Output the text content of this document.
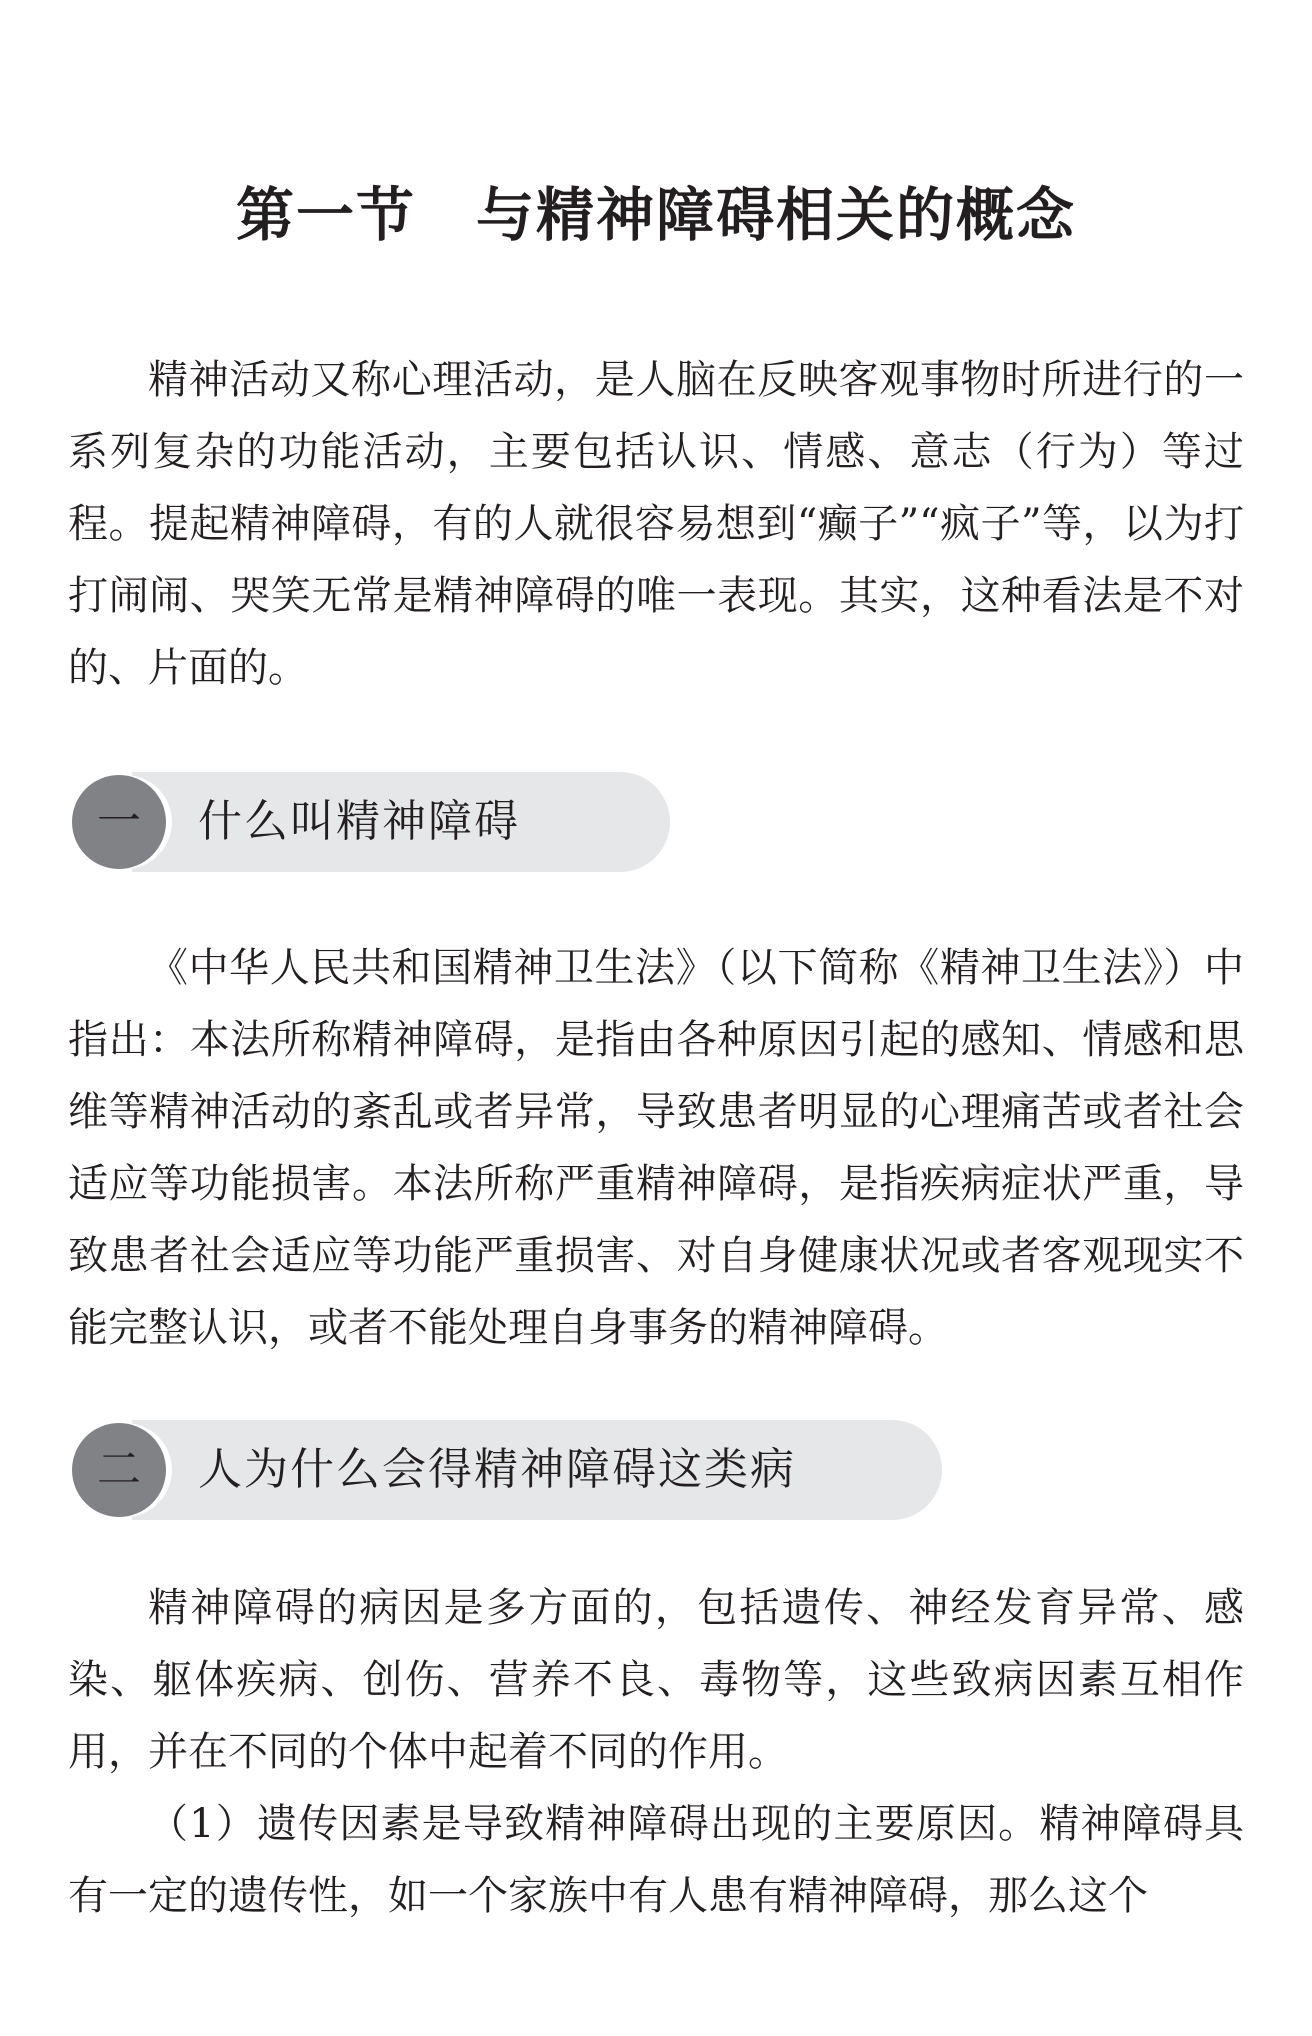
第一节　与精神障碍相关的概念

精神活动又称心理活动，是人脑在反映客观事物时所进行的一系列复杂的功能活动，主要包括认识、情感、意志（行为）等过程。提起精神障碍，有的人就很容易想到“癫子”“疯子”等，以为打打闹闹、哭笑无常是精神障碍的唯一表现。其实，这种看法是不对的、片面的。

一	什么叫精神障碍

《中华人民共和国精神卫生法》（以下简称《精神卫生法》）中指出：本法所称精神障碍，是指由各种原因引起的感知、情感和思维等精神活动的紊乱或者异常，导致患者明显的心理痛苦或者社会适应等功能损害。本法所称严重精神障碍，是指疾病症状严重，导致患者社会适应等功能严重损害、对自身健康状况或者客观现实不能完整认识，或者不能处理自身事务的精神障碍。

二	人为什么会得精神障碍这类病

精神障碍的病因是多方面的，包括遗传、神经发育异常、感染、躯体疾病、创伤、营养不良、毒物等，这些致病因素互相作用，并在不同的个体中起着不同的作用。

（1）遗传因素是导致精神障碍出现的主要原因。精神障碍具有一定的遗传性，如一个家族中有人患有精神障碍，那么这个
